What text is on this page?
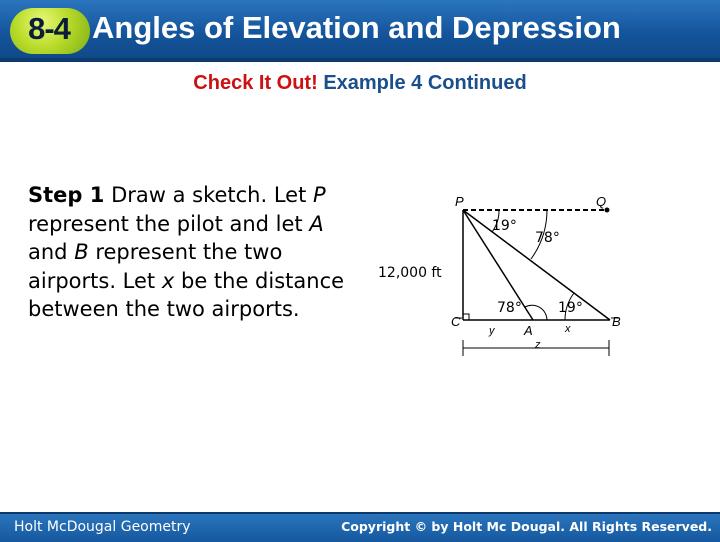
8-4 Angles of Elevation and Depression
Check It Out! Example 4 Continued
Step 1 Draw a sketch. Let P represent the pilot and let A and B represent the two airports. Let x be the distance between the two airports.
P	Q
C
A
B
19°
78°
12,000 ft
78°	19°
y	x
z
Holt McDougal Geometry	Copyright © by Holt Mc Dougal. All Rights Reserved.
